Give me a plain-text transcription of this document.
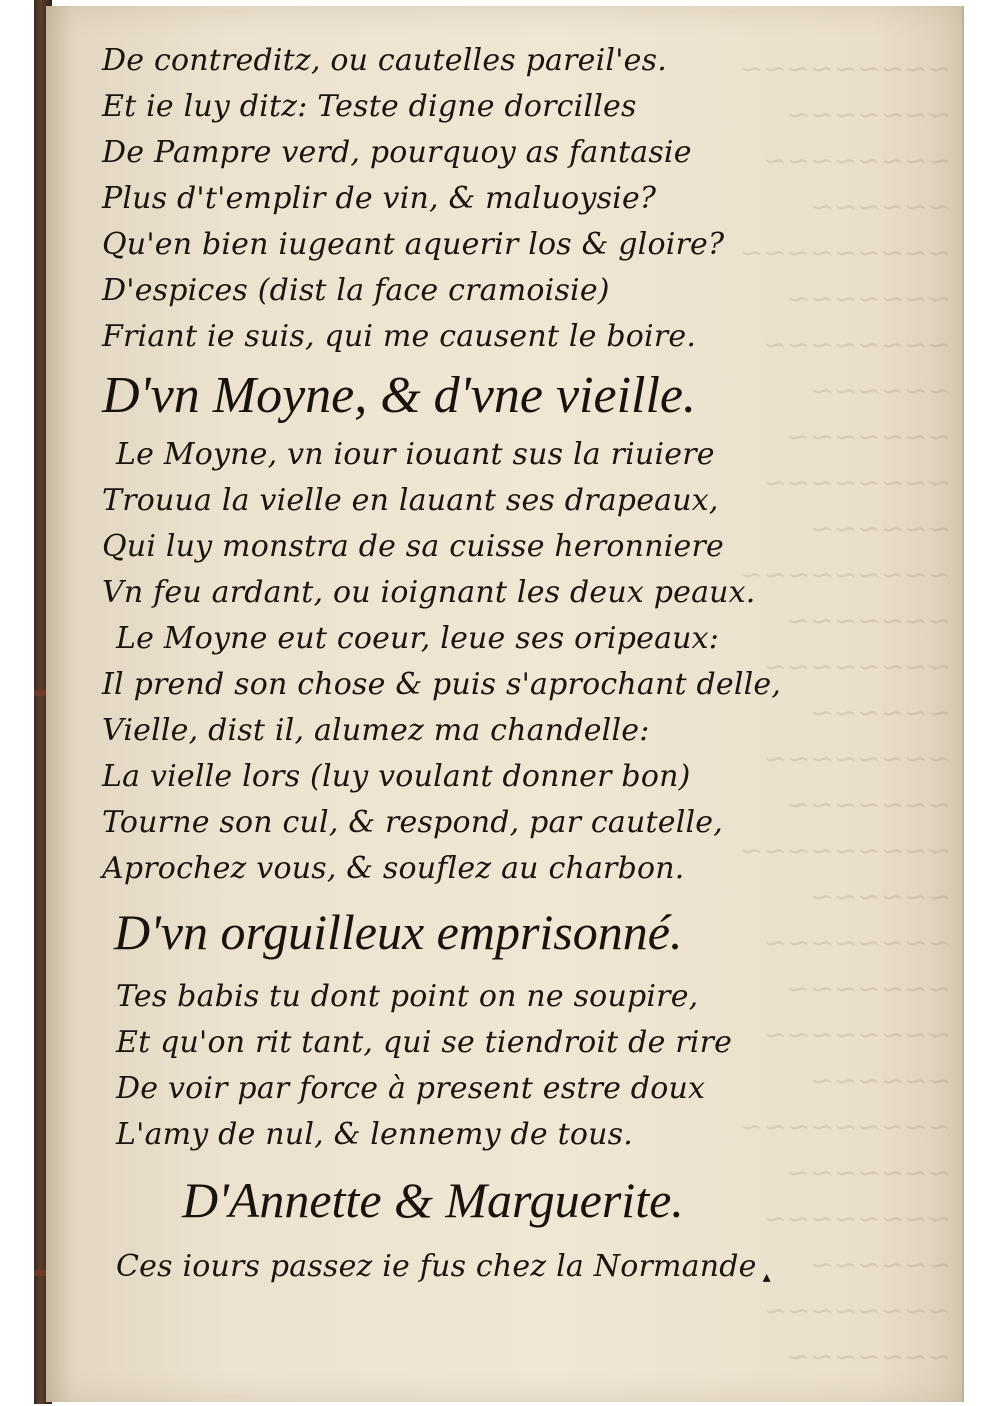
~~~~~~~~~
~~~~~~~
~~~~~~~~
~~~~~~
~~~~~~~~~
~~~~~~~
~~~~~~~~
~~~~~~
~~~~~~~
~~~~~~~~
~~~~~~
~~~~~~~~~
~~~~~~~
~~~~~~~~
~~~~~~
~~~~~~~~
~~~~~~~
~~~~~~~~~
~~~~~~
~~~~~~~~
~~~~~~~
~~~~~~~~
~~~~~~
~~~~~~~~~
~~~~~~~
~~~~~~~~
~~~~~~
~~~~~~~~
~~~~~~~
De contreditz, ou cautelles pareil'es.
Et ie luy ditz: Teste digne dorcilles
De Pampre verd, pourquoy as fantasie
Plus d't'emplir de vin, & maluoysie?
Qu'en bien iugeant aquerir los & gloire?
D'espices (dist la face cramoisie)
Friant ie suis, qui me causent le boire.
D'vn Moyne, & d'vne vieille.
Le Moyne, vn iour iouant sus la riuiere
Trouua la vielle en lauant ses drapeaux,
Qui luy monstra de sa cuisse heronniere
Vn feu ardant, ou ioignant les deux peaux.
Le Moyne eut coeur, leue ses oripeaux:
Il prend son chose & puis s'aprochant delle,
Vielle, dist il, alumez ma chandelle:
La vielle lors (luy voulant donner bon)
Tourne son cul, & respond, par cautelle,
Aprochez vous, & souflez au charbon.
D'vn orguilleux emprisonné.
Tes babis tu dont point on ne soupire,
Et qu'on rit tant, qui se tiendroit de rire
De voir par force à present estre doux
L'amy de nul, & lennemy de tous.
D'Annette & Marguerite.
Ces iours passez ie fus chez la Normande ▴
